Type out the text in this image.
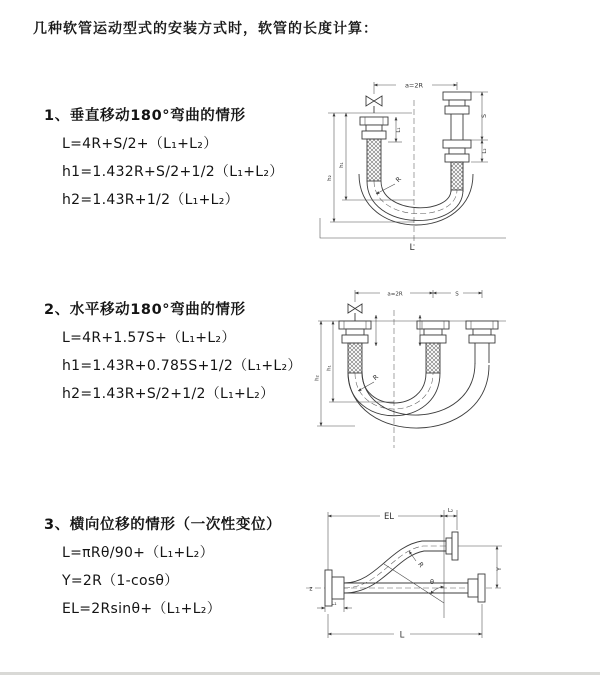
几种软管运动型式的安装方式时，软管的长度计算：
1、垂直移动180°弯曲的情形

L=4R+S/2+（L₁+L₂）

h1=1.432R+S/2+1/2（L₁+L₂）

h2=1.43R+1/2（L₁+L₂）

2、水平移动180°弯曲的情形

L=4R+1.57S+（L₁+L₂）

h1=1.43R+0.785S+1/2（L₁+L₂）

h2=1.43R+S/2+1/2（L₁+L₂）

3、横向位移的情形（一次性变位）

L=πRθ/90+（L₁+L₂）

Y=2R（1-cosθ）

EL=2Rsinθ+（L₁+L₂）

a=2R
L₁
S
L₂
h₂
h₁
L
R
a=2R	S
h₂
h₁
R
EL
L₂
z
Y
θ
R
L₁
L
